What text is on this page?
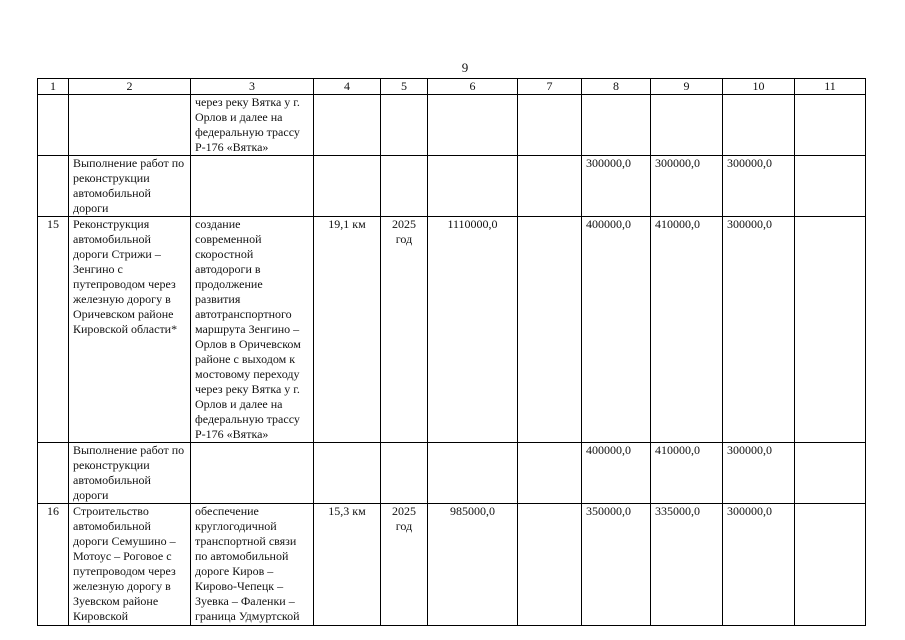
9
1	2	3	4	5	6	7	8	9	10	11
		через реку Вятка у г. Орлов и далее на федеральную трассу Р-176 «Вятка»								
	Выполнение работ по реконструкции автомобильной дороги						300000,0	300000,0	300000,0	
15	Реконструкция автомобильной дороги Стрижи – Зенгино с путепроводом через железную дорогу в Оричевском районе Кировской области*	создание современной скоростной автодороги в продолжение развития автотранспортного маршрута Зенгино – Орлов в Оричевском районе с выходом к мостовому переходу через реку Вятка у г. Орлов и далее на федеральную трассу Р-176 «Вятка»	19,1 км	2025 год	1110000,0		400000,0	410000,0	300000,0	
	Выполнение работ по реконструкции автомобильной дороги						400000,0	410000,0	300000,0	
16	Строительство автомобильной дороги Семушино – Мотоус – Роговое с путепроводом через железную дорогу в Зуевском районе Кировской	обеспечение круглогодичной транспортной связи по автомобильной дороге Киров – Кирово-Чепецк – Зуевка – Фаленки – граница Удмуртской	15,3 км	2025 год	985000,0		350000,0	335000,0	300000,0	
